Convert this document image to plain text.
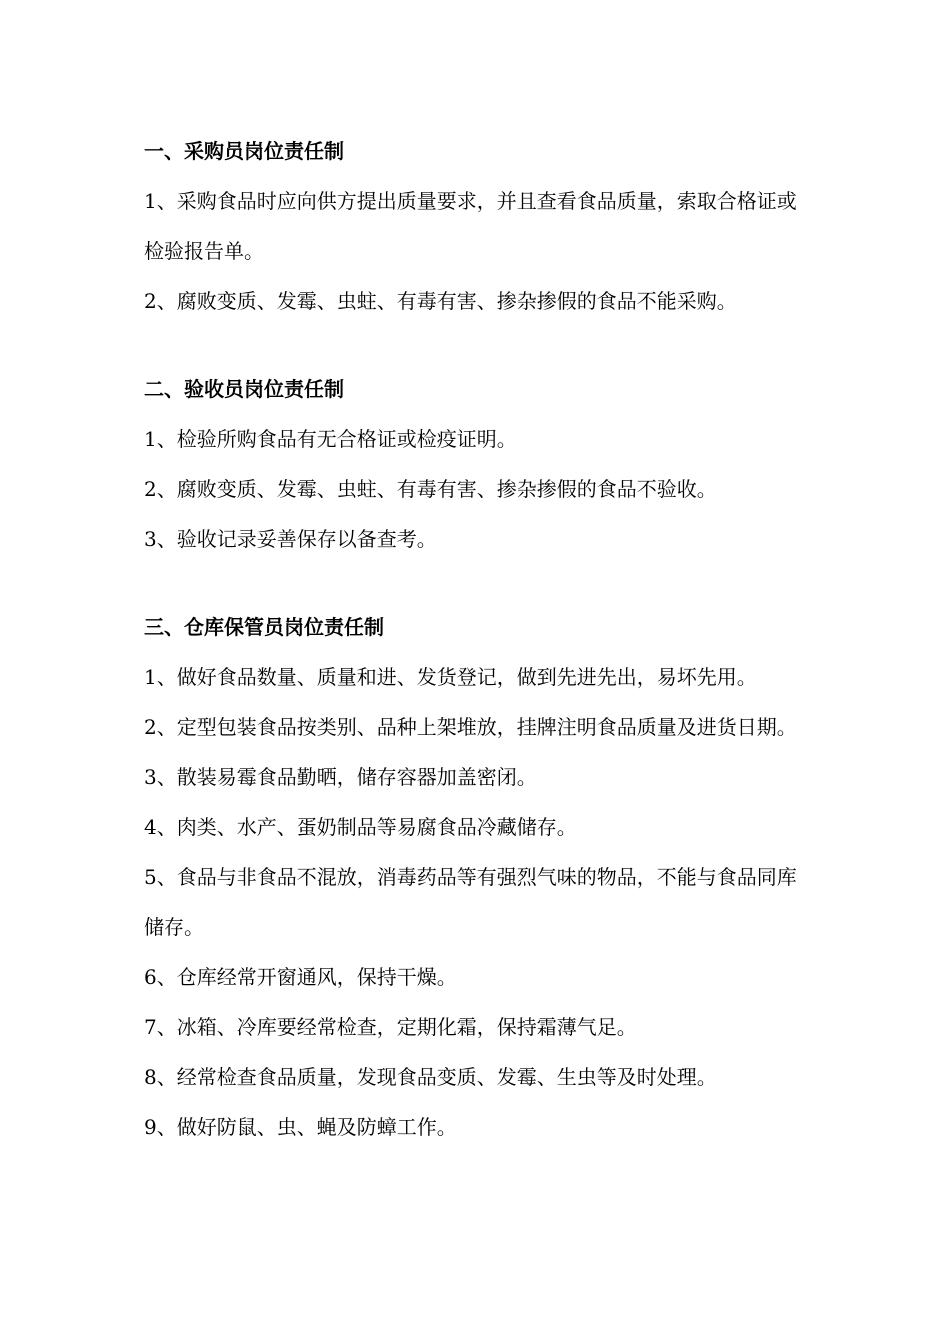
一、采购员岗位责任制

1、采购食品时应向供方提出质量要求，并且查看食品质量，索取合格证或检验报告单。

2、腐败变质、发霉、虫蛀、有毒有害、掺杂掺假的食品不能采购。

二、验收员岗位责任制

1、检验所购食品有无合格证或检疫证明。

2、腐败变质、发霉、虫蛀、有毒有害、掺杂掺假的食品不验收。

3、验收记录妥善保存以备查考。

三、仓库保管员岗位责任制

1、做好食品数量、质量和进、发货登记，做到先进先出，易坏先用。

2、定型包装食品按类别、品种上架堆放，挂牌注明食品质量及进货日期。

3、散装易霉食品勤晒，储存容器加盖密闭。

4、肉类、水产、蛋奶制品等易腐食品冷藏储存。

5、食品与非食品不混放，消毒药品等有强烈气味的物品，不能与食品同库储存。

6、仓库经常开窗通风，保持干燥。

7、冰箱、冷库要经常检查，定期化霜，保持霜薄气足。

8、经常检查食品质量，发现食品变质、发霉、生虫等及时处理。

9、做好防鼠、虫、蝇及防蟑工作。
